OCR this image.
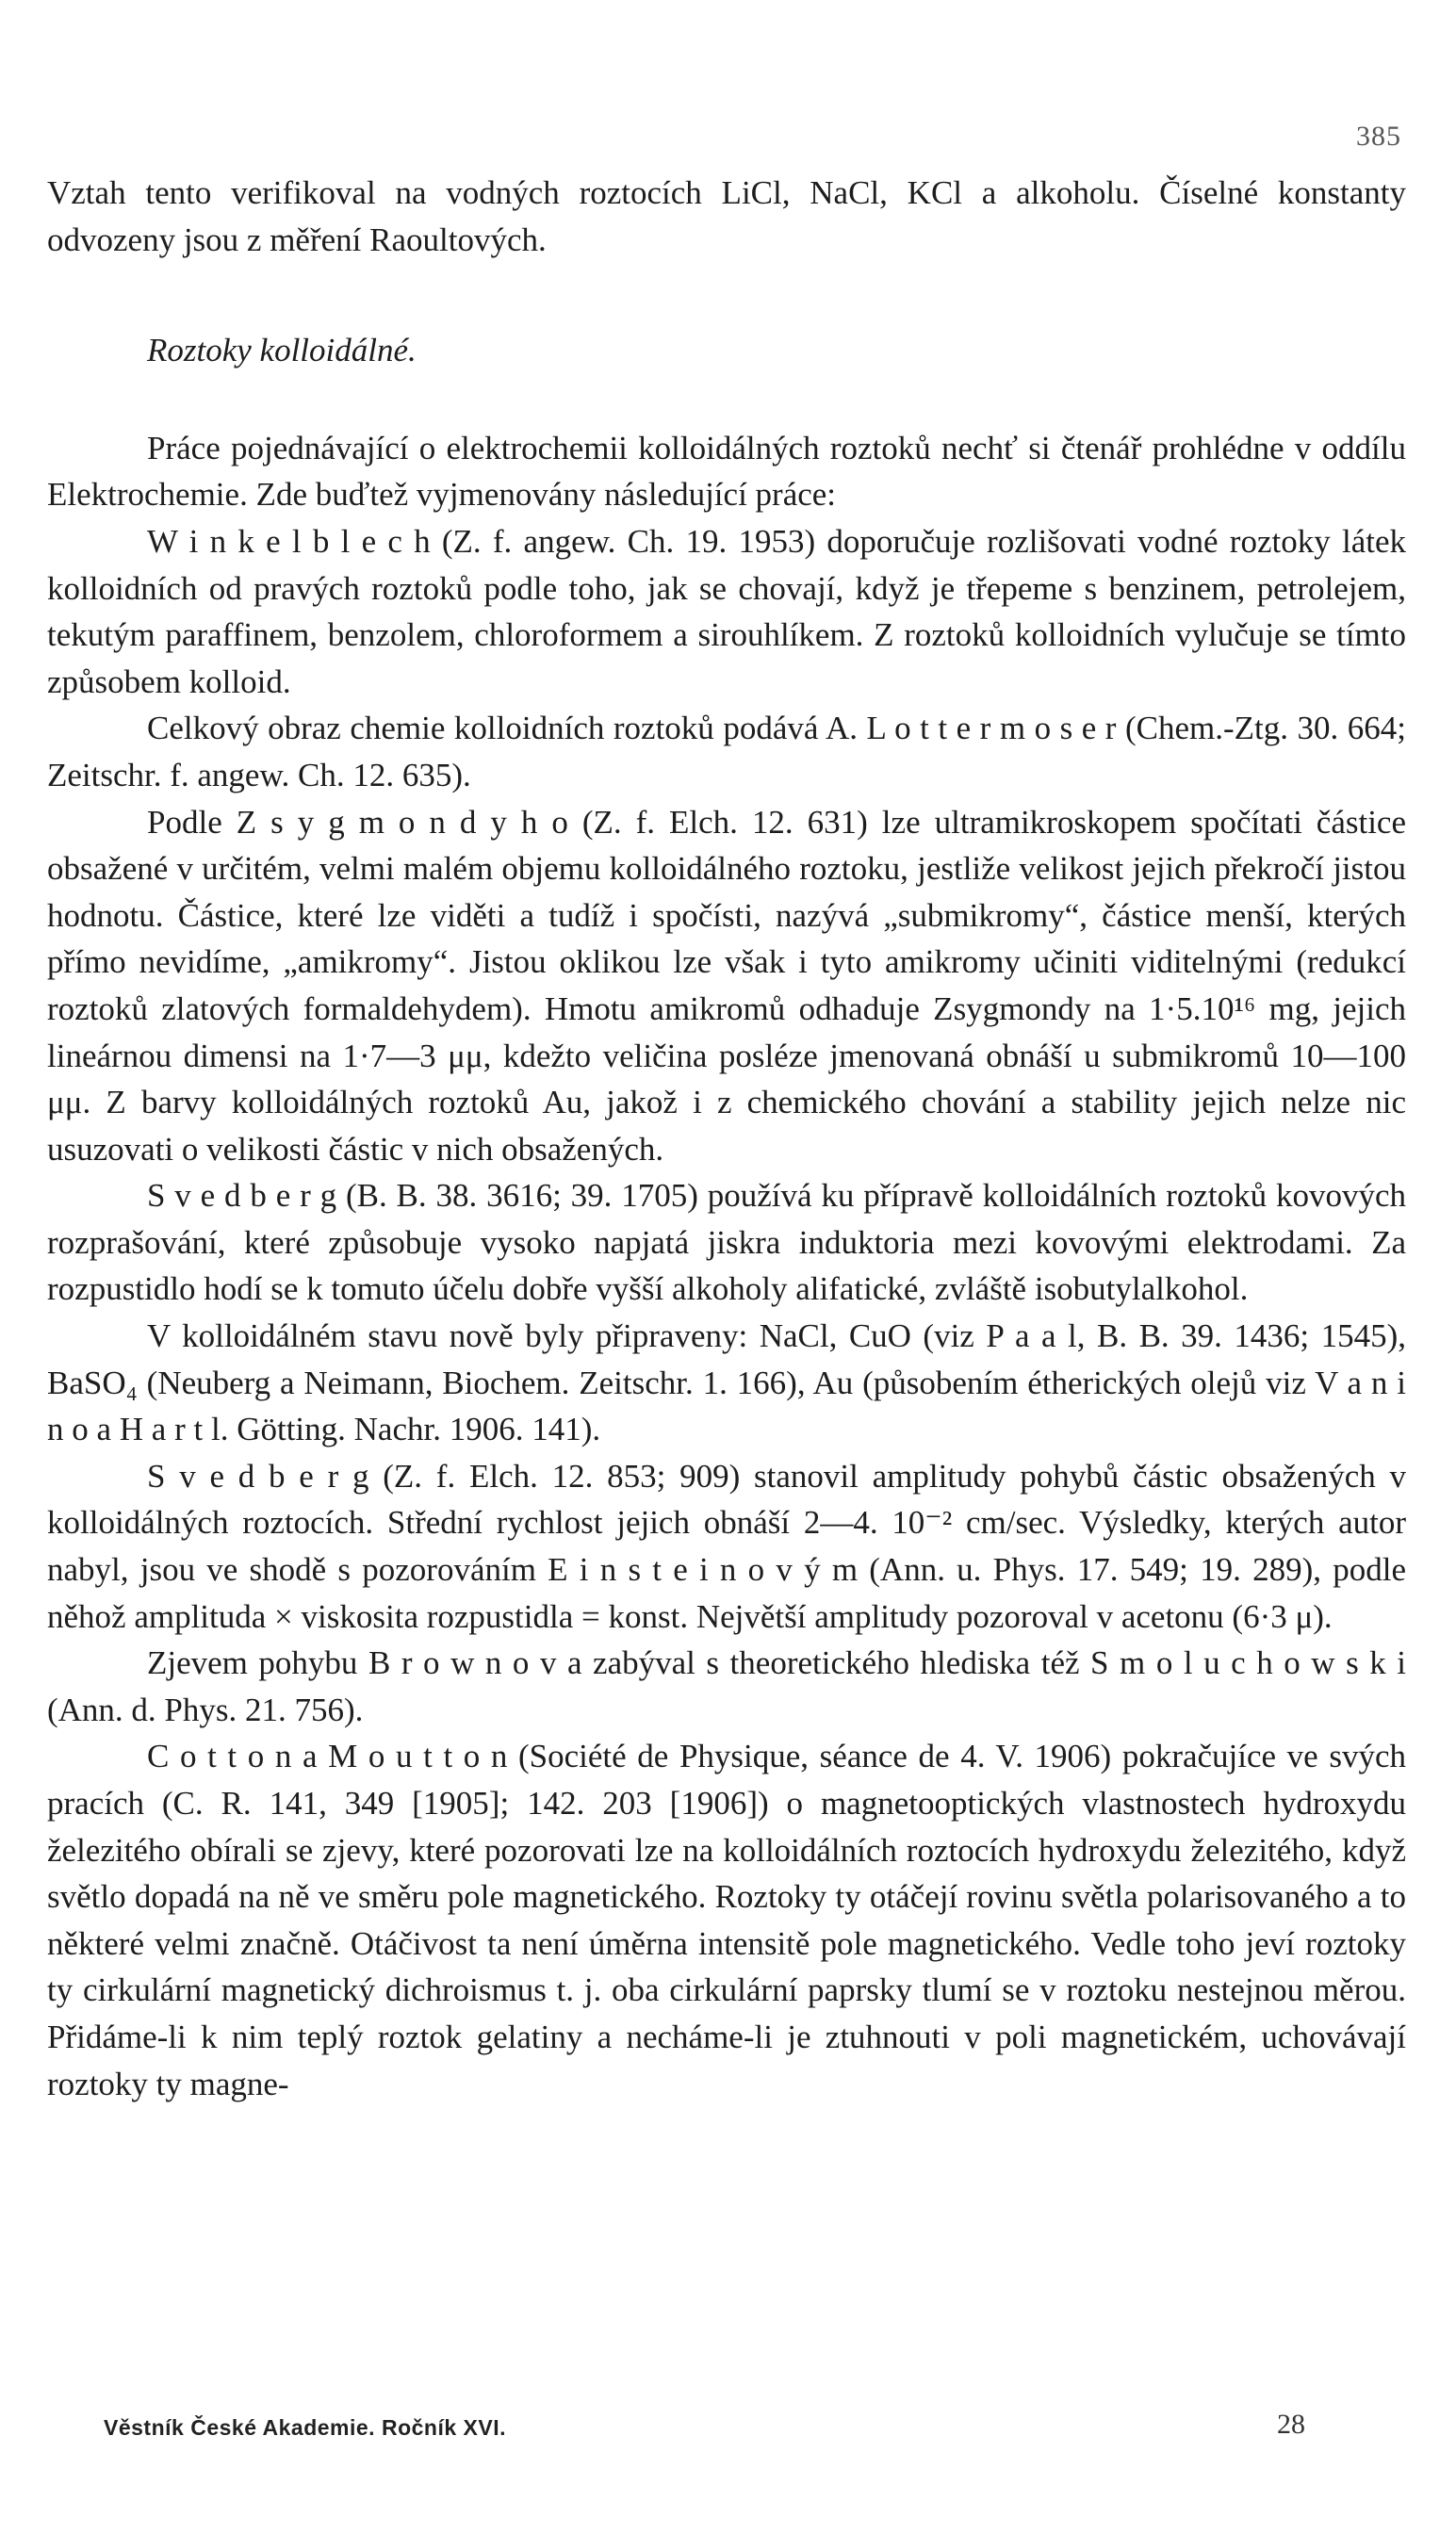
385

Vztah tento verifikoval na vodných roztocích LiCl, NaCl, KCl a alkoholu. Číselné konstanty odvozeny jsou z měření Raoultových.

Roztoky kolloidálné.

Práce pojednávající o elektrochemii kolloidálných roztoků nechť si čtenář prohlédne v oddílu Elektrochemie. Zde buďtež vyjmenovány následující práce:

W i n k e l b l e c h (Z. f. angew. Ch. 19. 1953) doporučuje rozlišovati vodné roztoky látek kolloidních od pravých roztoků podle toho, jak se chovají, když je třepeme s benzinem, petrolejem, tekutým paraffinem, benzolem, chloroformem a sirouhlíkem. Z roztoků kolloidních vylučuje se tímto způsobem kolloid.

Celkový obraz chemie kolloidních roztoků podává A. L o t t e r m o s e r (Chem.-Ztg. 30. 664; Zeitschr. f. angew. Ch. 12. 635).

Podle Z s y g m o n d y h o (Z. f. Elch. 12. 631) lze ultramikroskopem spočítati částice obsažené v určitém, velmi malém objemu kolloidálného roztoku, jestliže velikost jejich překročí jistou hodnotu. Částice, které lze viděti a tudíž i spočísti, nazývá „submikromy“, částice menší, kterých přímo nevidíme, „amikromy“. Jistou oklikou lze však i tyto amikromy učiniti viditelnými (redukcí roztoků zlatových formaldehydem). Hmotu amikromů odhaduje Zsygmondy na 1·5.10¹⁶ mg, jejich lineárnou dimensi na 1·7—3 μμ, kdežto veličina posléze jmenovaná obnáší u submikromů 10—100 μμ. Z barvy kolloidálných roztoků Au, jakož i z chemického chování a stability jejich nelze nic usuzovati o velikosti částic v nich obsažených.

S v e d b e r g (B. B. 38. 3616; 39. 1705) používá ku přípravě kolloidálních roztoků kovových rozprašování, které způsobuje vysoko napjatá jiskra induktoria mezi kovovými elektrodami. Za rozpustidlo hodí se k tomuto účelu dobře vyšší alkoholy alifatické, zvláště isobutylalkohol.

V kolloidálném stavu nově byly připraveny: NaCl, CuO (viz P a a l, B. B. 39. 1436; 1545), BaSO₄ (Neuberg a Neimann, Biochem. Zeitschr. 1. 166), Au (působením étherických olejů viz V a n i n o a H a r t l. Götting. Nachr. 1906. 141).

S v e d b e r g (Z. f. Elch. 12. 853; 909) stanovil amplitudy pohybů částic obsažených v kolloidálných roztocích. Střední rychlost jejich obnáší 2—4. 10⁻² cm/sec. Výsledky, kterých autor nabyl, jsou ve shodě s pozorováním E i n s t e i n o v ý m (Ann. u. Phys. 17. 549; 19. 289), podle něhož amplituda × viskosita rozpustidla = konst. Největší amplitudy pozoroval v acetonu (6·3 μ).

Zjevem pohybu B r o w n o v a zabýval s theoretického hlediska též S m o l u c h o w s k i (Ann. d. Phys. 21. 756).

C o t t o n a M o u t t o n (Société de Physique, séance de 4. V. 1906) pokračujíce ve svých pracích (C. R. 141, 349 [1905]; 142. 203 [1906]) o magnetooptických vlastnostech hydroxydu železitého obírali se zjevy, které pozorovati lze na kolloidálních roztocích hydroxydu železitého, když světlo dopadá na ně ve směru pole magnetického. Roztoky ty otáčejí rovinu světla polarisovaného a to některé velmi značně. Otáčivost ta není úměrna intensitě pole magnetického. Vedle toho jeví roztoky ty cirkulární magnetický dichroismus t. j. oba cirkulární paprsky tlumí se v roztoku nestejnou měrou. Přidáme-li k nim teplý roztok gelatiny a necháme-li je ztuhnouti v poli magnetickém, uchovávají roztoky ty magne-

Věstník České Akademie. Ročník XVI.	28
